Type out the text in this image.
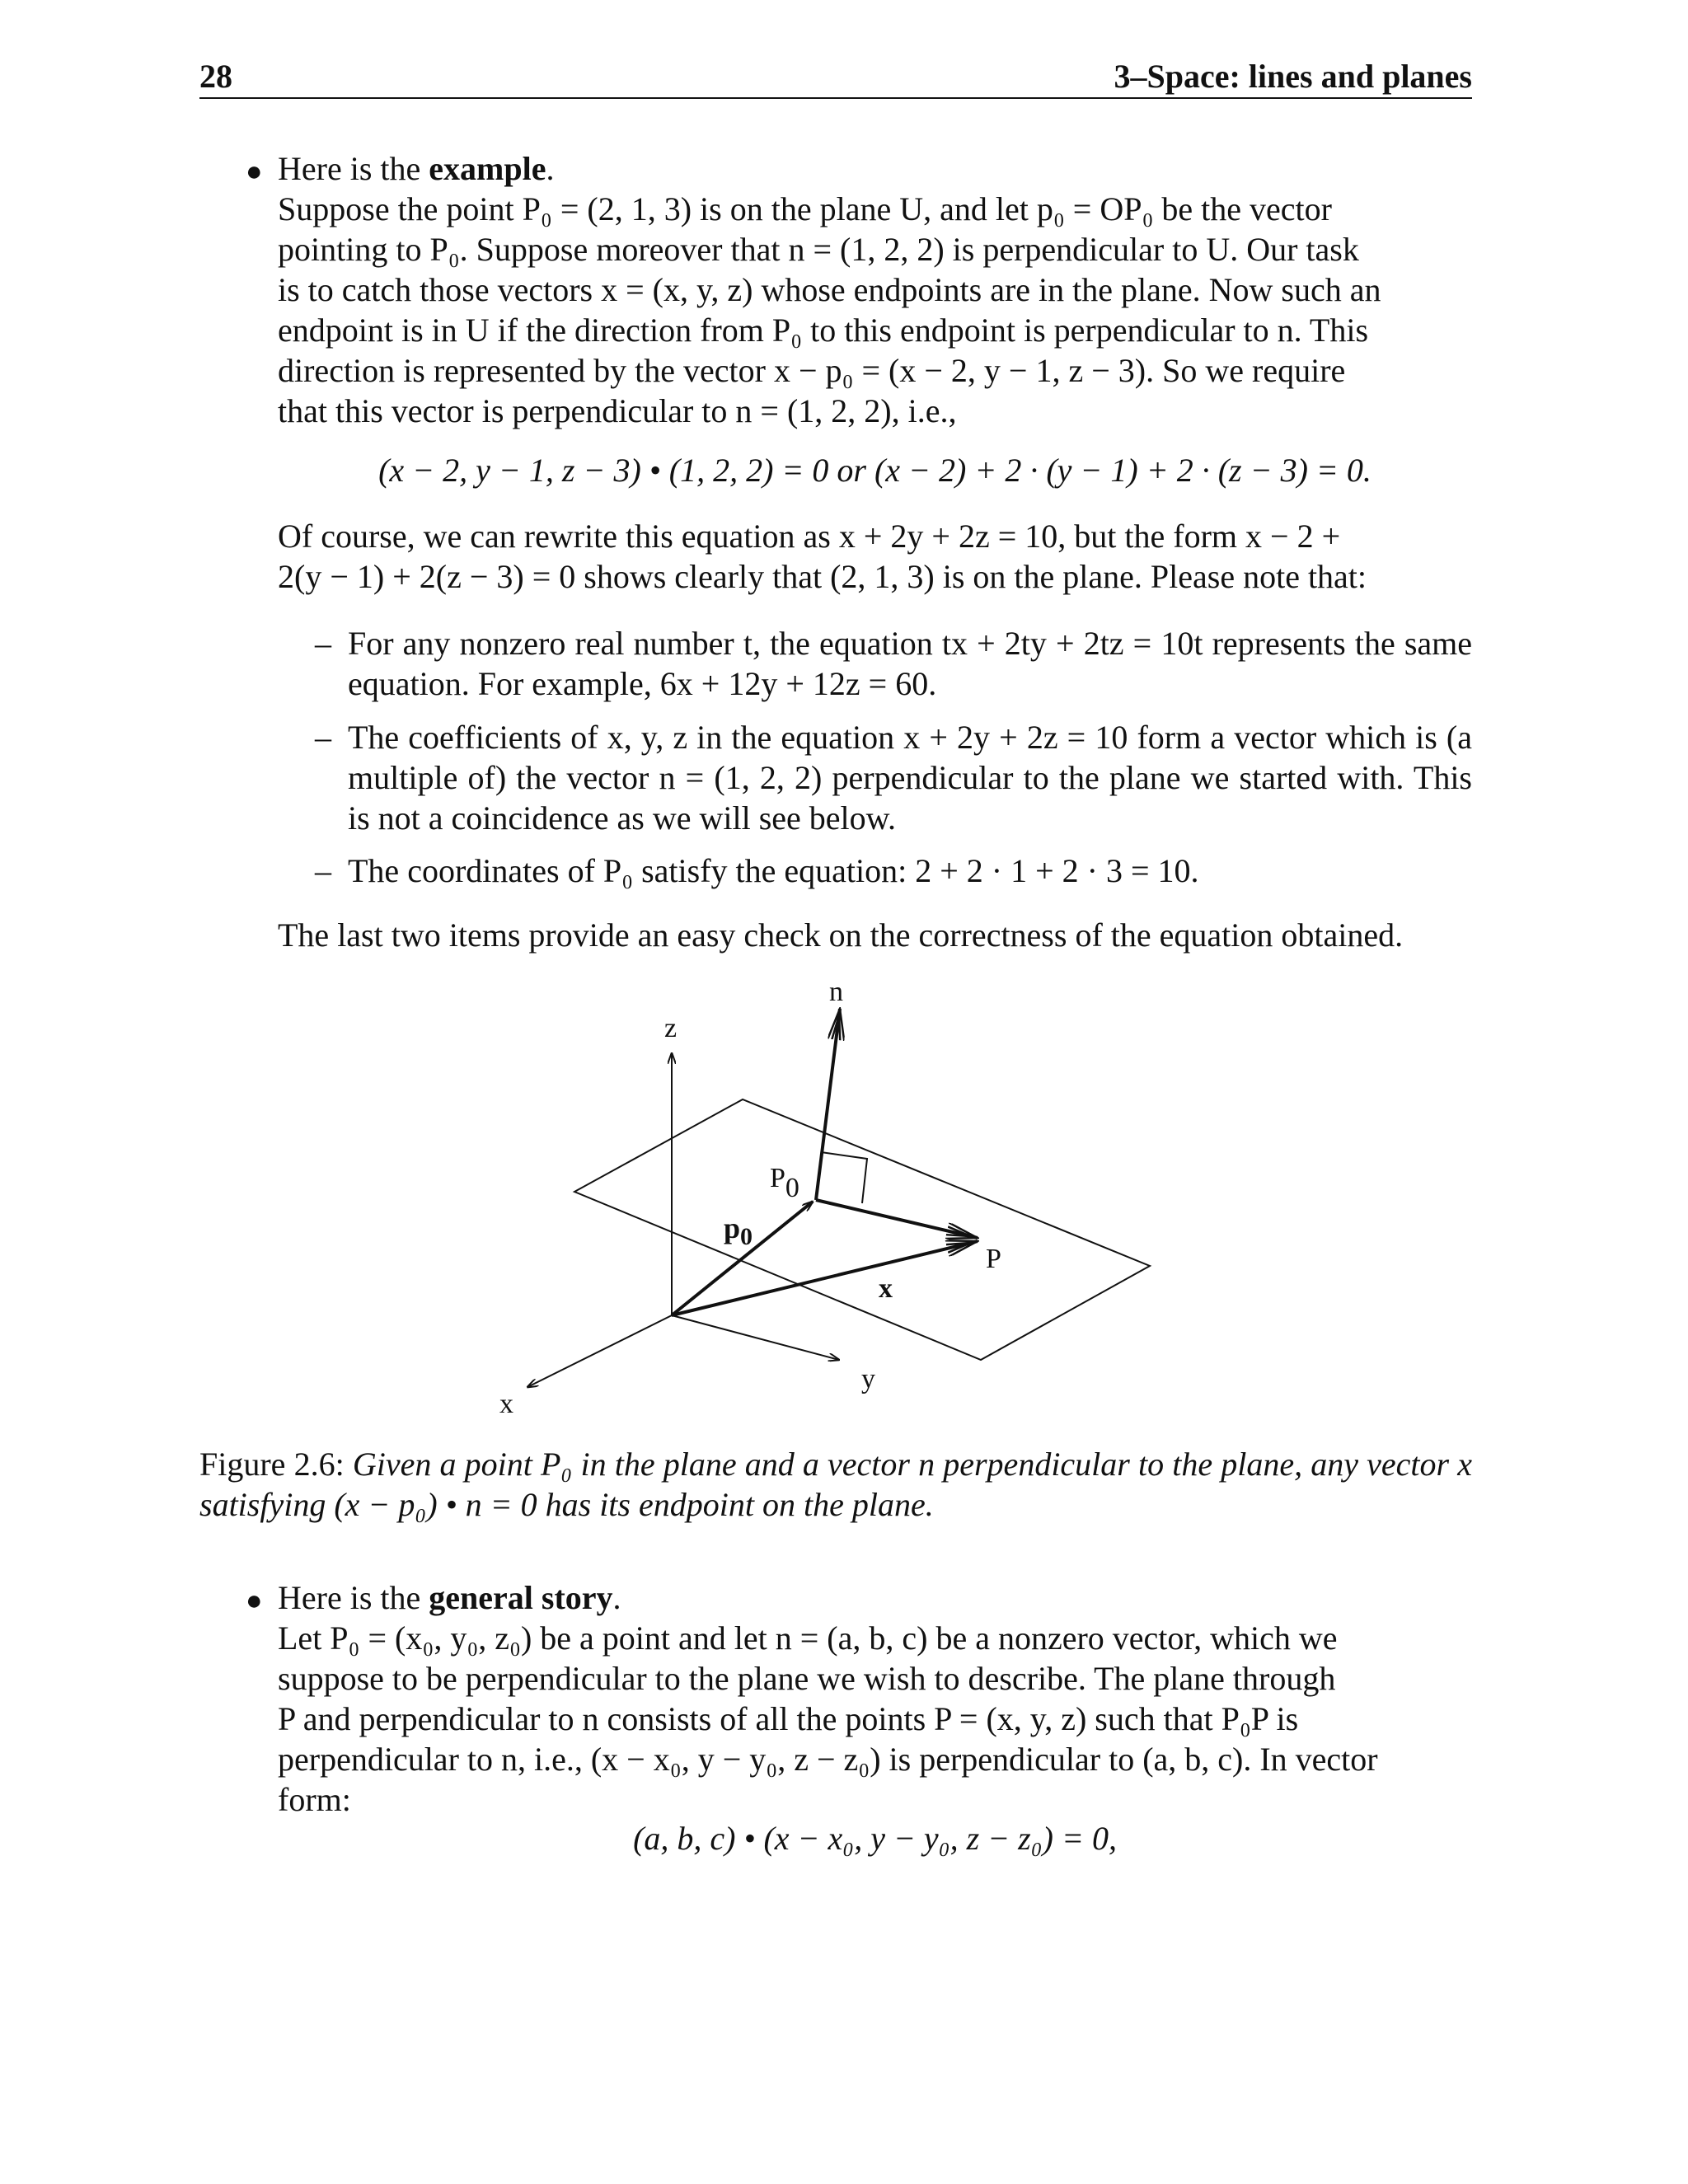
28	3–Space: lines and planes
● Here is the example.
Suppose the point P₀ = (2, 1, 3) is on the plane U, and let p₀ = OP₀ be the vector
pointing to P₀. Suppose moreover that n = (1, 2, 2) is perpendicular to U. Our task
is to catch those vectors x = (x, y, z) whose endpoints are in the plane. Now such an
endpoint is in U if the direction from P₀ to this endpoint is perpendicular to n. This
direction is represented by the vector x − p₀ = (x − 2, y − 1, z − 3). So we require
that this vector is perpendicular to n = (1, 2, 2), i.e.,
(x − 2, y − 1, z − 3) • (1, 2, 2) = 0 or (x − 2) + 2 · (y − 1) + 2 · (z − 3) = 0.
Of course, we can rewrite this equation as x + 2y + 2z = 10, but the form x − 2 +
2(y − 1) + 2(z − 3) = 0 shows clearly that (2, 1, 3) is on the plane. Please note that:
– For any nonzero real number t, the equation tx + 2ty + 2tz = 10t represents the same equation. For example, 6x + 12y + 12z = 60.
– The coefficients of x, y, z in the equation x + 2y + 2z = 10 form a vector which is (a multiple of) the vector n = (1, 2, 2) perpendicular to the plane we started with. This is not a coincidence as we will see below.
– The coordinates of P₀ satisfy the equation: 2 + 2 · 1 + 2 · 3 = 10.
The last two items provide an easy check on the correctness of the equation obtained.
n
z
P0
$p_0$
P
x
y
x
Figure 2.6: Given a point P₀ in the plane and a vector n perpendicular to the plane, any vector x satisfying (x − p₀) • n = 0 has its endpoint on the plane.
● Here is the general story.
Let P₀ = (x₀, y₀, z₀) be a point and let n = (a, b, c) be a nonzero vector, which we
suppose to be perpendicular to the plane we wish to describe. The plane through
P and perpendicular to n consists of all the points P = (x, y, z) such that P₀P is
perpendicular to n, i.e., (x − x₀, y − y₀, z − z₀) is perpendicular to (a, b, c). In vector
form:
(a, b, c) • (x − x₀, y − y₀, z − z₀) = 0,
